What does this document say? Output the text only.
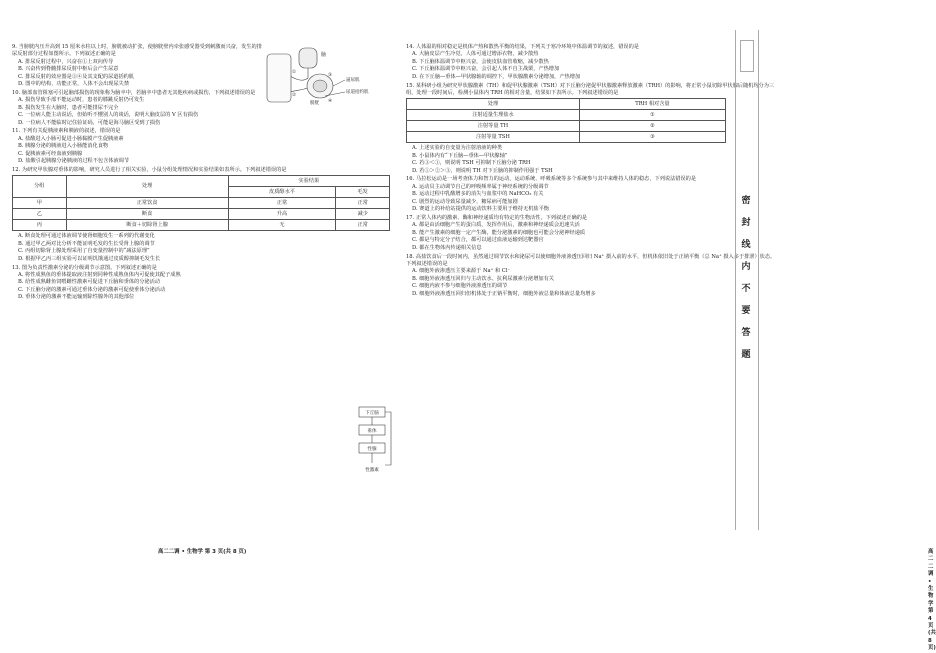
9. 当膀胱内压升高到 15 厘米水柱以上时，膀胱被动扩张，使膀胱壁内牵张感受器受到刺激而兴奋，发生的排尿反射部分过程如图所示。下列叙述正确的是

A. 排尿反射过程中，兴奋在①上双向传导

B. 兴奋传到脊髓排尿反射中枢后会产生尿意

C. 排尿反射的效应器是③④及其支配的尿道括约肌

D. 图中的结构、功能正常，人体不会出现尿失禁

10. 脑部血管阻塞可引起脑部损伤的现象称为脑卒中，若脑卒中患者无其他疾病或损伤，下列叙述错误的是

A. 损伤导致手部不能运动时，患者的膝跳反射仍可发生

B. 损伤发生在大脑时，患者可能排尿不完全

C. 一位病人能主动说话，但始听不懂别人的谈话，说明大脑皮层的 V 区有损伤

D. 一位病人不能临时记住验证码，可能是海马脑区受到了损伤

11. 下列有关促胰液素和胰液的叙述，错误的是

A. 盐酸进入小肠可促进小肠黏膜产生促胰液素

B. 胰腺分泌的胰液进入小肠能消化食物

C. 促胰液素可经血液到胰腺

D. 盐酸引起胰腺分泌胰液的过程不包含体液调节

12. 为研究甲状腺对垂体的影响，研究人员进行了相关实验，小鼠分组处理情况和实验结果如表所示。下列叙述错误的是

分组	处理	实验结果	
		皮质醇水平	毛发
甲	正常饮食	正常	正常
乙	断食	升高	减少
丙	断食＋切除肾上腺	无	正常

A. 断食处理可通过体液调节使肾细胞发生一系列的代谢变化

B. 通过甲乙两对比分析不能证明毛发的生长受肾上腺的调节

C. 丙组切除肾上腺处理采用了自变量控制中的“减法原理”

D. 根据甲乙丙三组实验可以证明饥饿通过皮质醇抑制毛发生长

13. 图为负责性激素分泌的分级调节示意图。下列叙述正确的是

A. 将性成熟鱼的垂体提取液注射到同种性成熟鱼体内可促使其配子成熟

B. 给性成熟雌鱼饲喂雌性激素可促进下丘脑和垂体的分泌活动

C. 下丘脑分泌的激素可通过垂体分泌的激素可促使垂体分泌活动

D. 垂体分泌的激素不能运输到除性腺外的其他部位

脑
①
②
③
④
膀胱
逼尿肌
尿道括约肌
下丘脑
垂体
性腺
性激素
高二二调 • 生物学 第 3 页(共 8 页)

14. 人体温的相对稳定是机体产热和散热平衡的结果，下列关于寒冷环境中体温调节的叙述，错误的是

A. 大脑皮层产生冷觉，人体可通过增添衣物，减少散热

B. 下丘脑体温调节中枢兴奋，会使皮肤血管收缩，减少散热

C. 下丘脑体温调节中枢兴奋，会引起人体不自主战栗，产热增加

D. 在下丘脑—垂体—甲状腺轴的调控下，甲状腺激素分泌增加，产热增加

15. 某科研小组为研究甲状腺激素（TH）和促甲状腺激素（TSH）对下丘脑分泌促甲状腺激素释放激素（TRH）的影响，将正常小鼠切除甲状腺后随机均分为三组，处理一段时间后，检测小鼠体内 TRH 的相对含量，结果如下表所示。下列叙述错误的是

处理	TRH 相对含量
注射适量生理盐水	①
注射等量 TH	②
注射等量 TSH	③

A. 上述实验的自变量为注射溶液的种类

B. 小鼠体内有“下丘脑—垂体—甲状腺轴”

C. 若③＜①，则说明 TSH 可抑制下丘脑分泌 TRH

D. 若①＞②＞③，则说明 TH 对下丘脑的抑制作用强于 TSH

16. 马拉松运动是一场考查体力和智力的运动，运动系统、呼吸系统等多个系统参与其中来维持人体的稳态，下列说法错误的是

A. 运动员主动调节自己的呼吸频率属于神经系统的分级调节

B. 运动过程中乳酸增多的消失与血浆中的 NaHCO₃ 有关

C. 剧烈的运动导致尿量减少，糖尿病可能加剧

D. 赛道上的补给站提供的运动饮料主要用于维持无机盐平衡

17. 正常人体内的激素、酶和神经递质均有特定的生物活性，下列叙述正确的是

A. 都是由活细胞产生的蛋白质，发挥作用后，激素和神经递质会迅速失活

B. 能产生激素的细胞一定产生酶，能分泌激素的细胞也可能会分泌神经递质

C. 都是与特定分子结合，都可以通过血液运输到达靶器官

D. 都在生物体内传递相关信息

18. 高盐饮食后一段时间内，虽然通过调节饮水和泌尿可以使细胞外液渗透压回归 Na⁺ 摄入前的水平，但机体依旧处于正钠平衡（总 Na⁺ 摄入多于排泄）状态。下列叙述错误的是

A. 细胞外液渗透压主要来源于 Na⁺ 和 Cl⁻

B. 细胞外液渗透压回归与主动饮水、抗利尿激素分泌增加有关

C. 细胞内液不参与细胞外液渗透压的调节

D. 细胞外液渗透压回归但机体处于正钠平衡时，细胞外液总量和体液总量均增多

高二二调 • 生物学 第 4 页(共 8 页)
密
封
线
内
不
要
答
题
